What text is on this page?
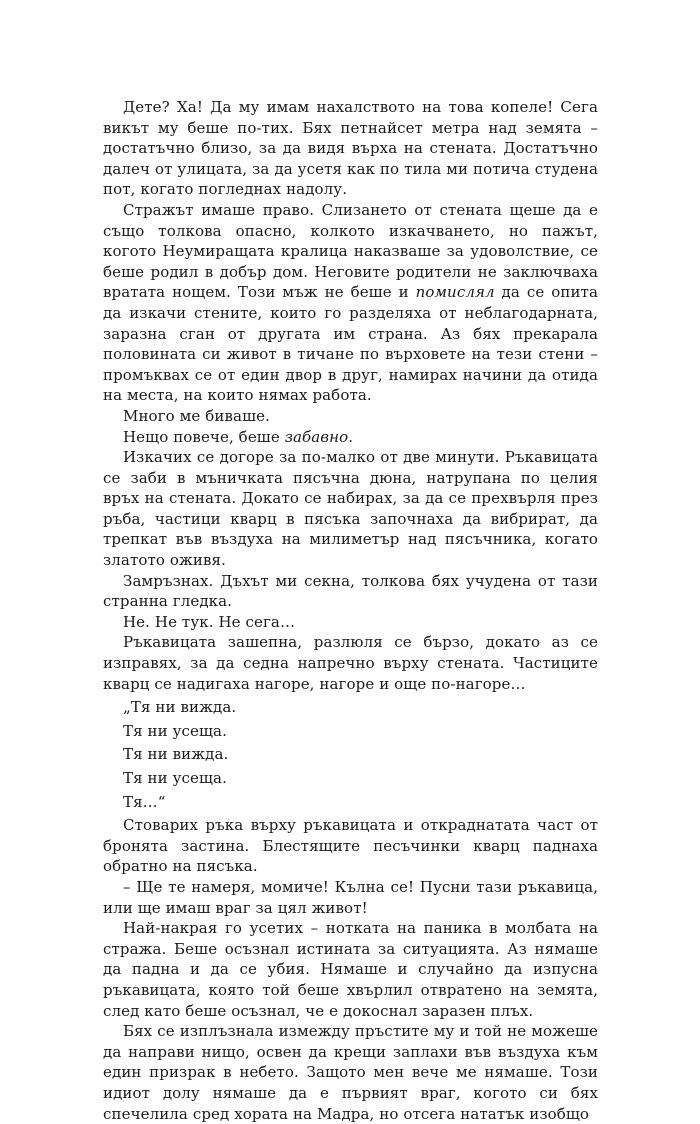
Дете? Ха! Да му имам нахалството на това копеле! Сега викът му беше по-тих. Бях петнайсет метра над земята – достатъчно близо, за да видя върха на стената. Достатъчно далеч от улицата, за да усетя как по тила ми потича студена пот, когато погледнах надолу.

Стражът имаше право. Слизането от стената щеше да е също толкова опасно, колкото изкачването, но пажът, когото Неумиращата кралица наказваше за удоволствие, се беше родил в добър дом. Неговите родители не заключваха вратата нощем. Този мъж не беше и помислял да се опита да изкачи стените, които го разделяха от неблагодарната, заразна сган от другата им страна. Аз бях прекарала половината си живот в тичане по върховете на тези стени – промъквах се от един двор в друг, намирах начини да отида на места, на които нямах работа.

Много ме биваше.

Нещо повече, беше забавно.

Изкачих се догоре за по-малко от две минути. Ръкавицата се заби в мъничката пясъчна дюна, натрупана по целия връх на стената. Докато се набирах, за да се прехвърля през ръба, частици кварц в пясъка започнаха да вибрират, да трепкат във въздуха на милиметър над пясъчника, когато златото оживя.

Замръзнах. Дъхът ми секна, толкова бях учудена от тази странна гледка.

Не. Не тук. Не сега…

Ръкавицата зашепна, разлюля се бързо, докато аз се изправях, за да седна напречно върху стената. Частиците кварц се надигаха нагоре, нагоре и още по-нагоре…

„Тя ни вижда.

Тя ни усеща.

Тя ни вижда.

Тя ни усеща.

Тя…“

Стоварих ръка върху ръкавицата и откраднатата част от бронята застина. Блестящите песъчинки кварц паднаха обратно на пясъка.

– Ще те намеря, момиче! Кълна се! Пусни тази ръкавица, или ще имаш враг за цял живот!

Най-накрая го усетих – нотката на паника в молбата на стража. Беше осъзнал истината за ситуацията. Аз нямаше да падна и да се убия. Нямаше и случайно да изпусна ръкавицата, която той беше хвърлил отвратено на земята, след като беше осъзнал, че е докоснал заразен плъх.

Бях се изплъзнала измежду пръстите му и той не можеше да направи нищо, освен да крещи заплахи във въздуха към един призрак в небето. Защото мен вече ме нямаше. Този идиот долу нямаше да е първият враг, когото си бях спечелила сред хората на Мадра, но отсега нататък изобщо
